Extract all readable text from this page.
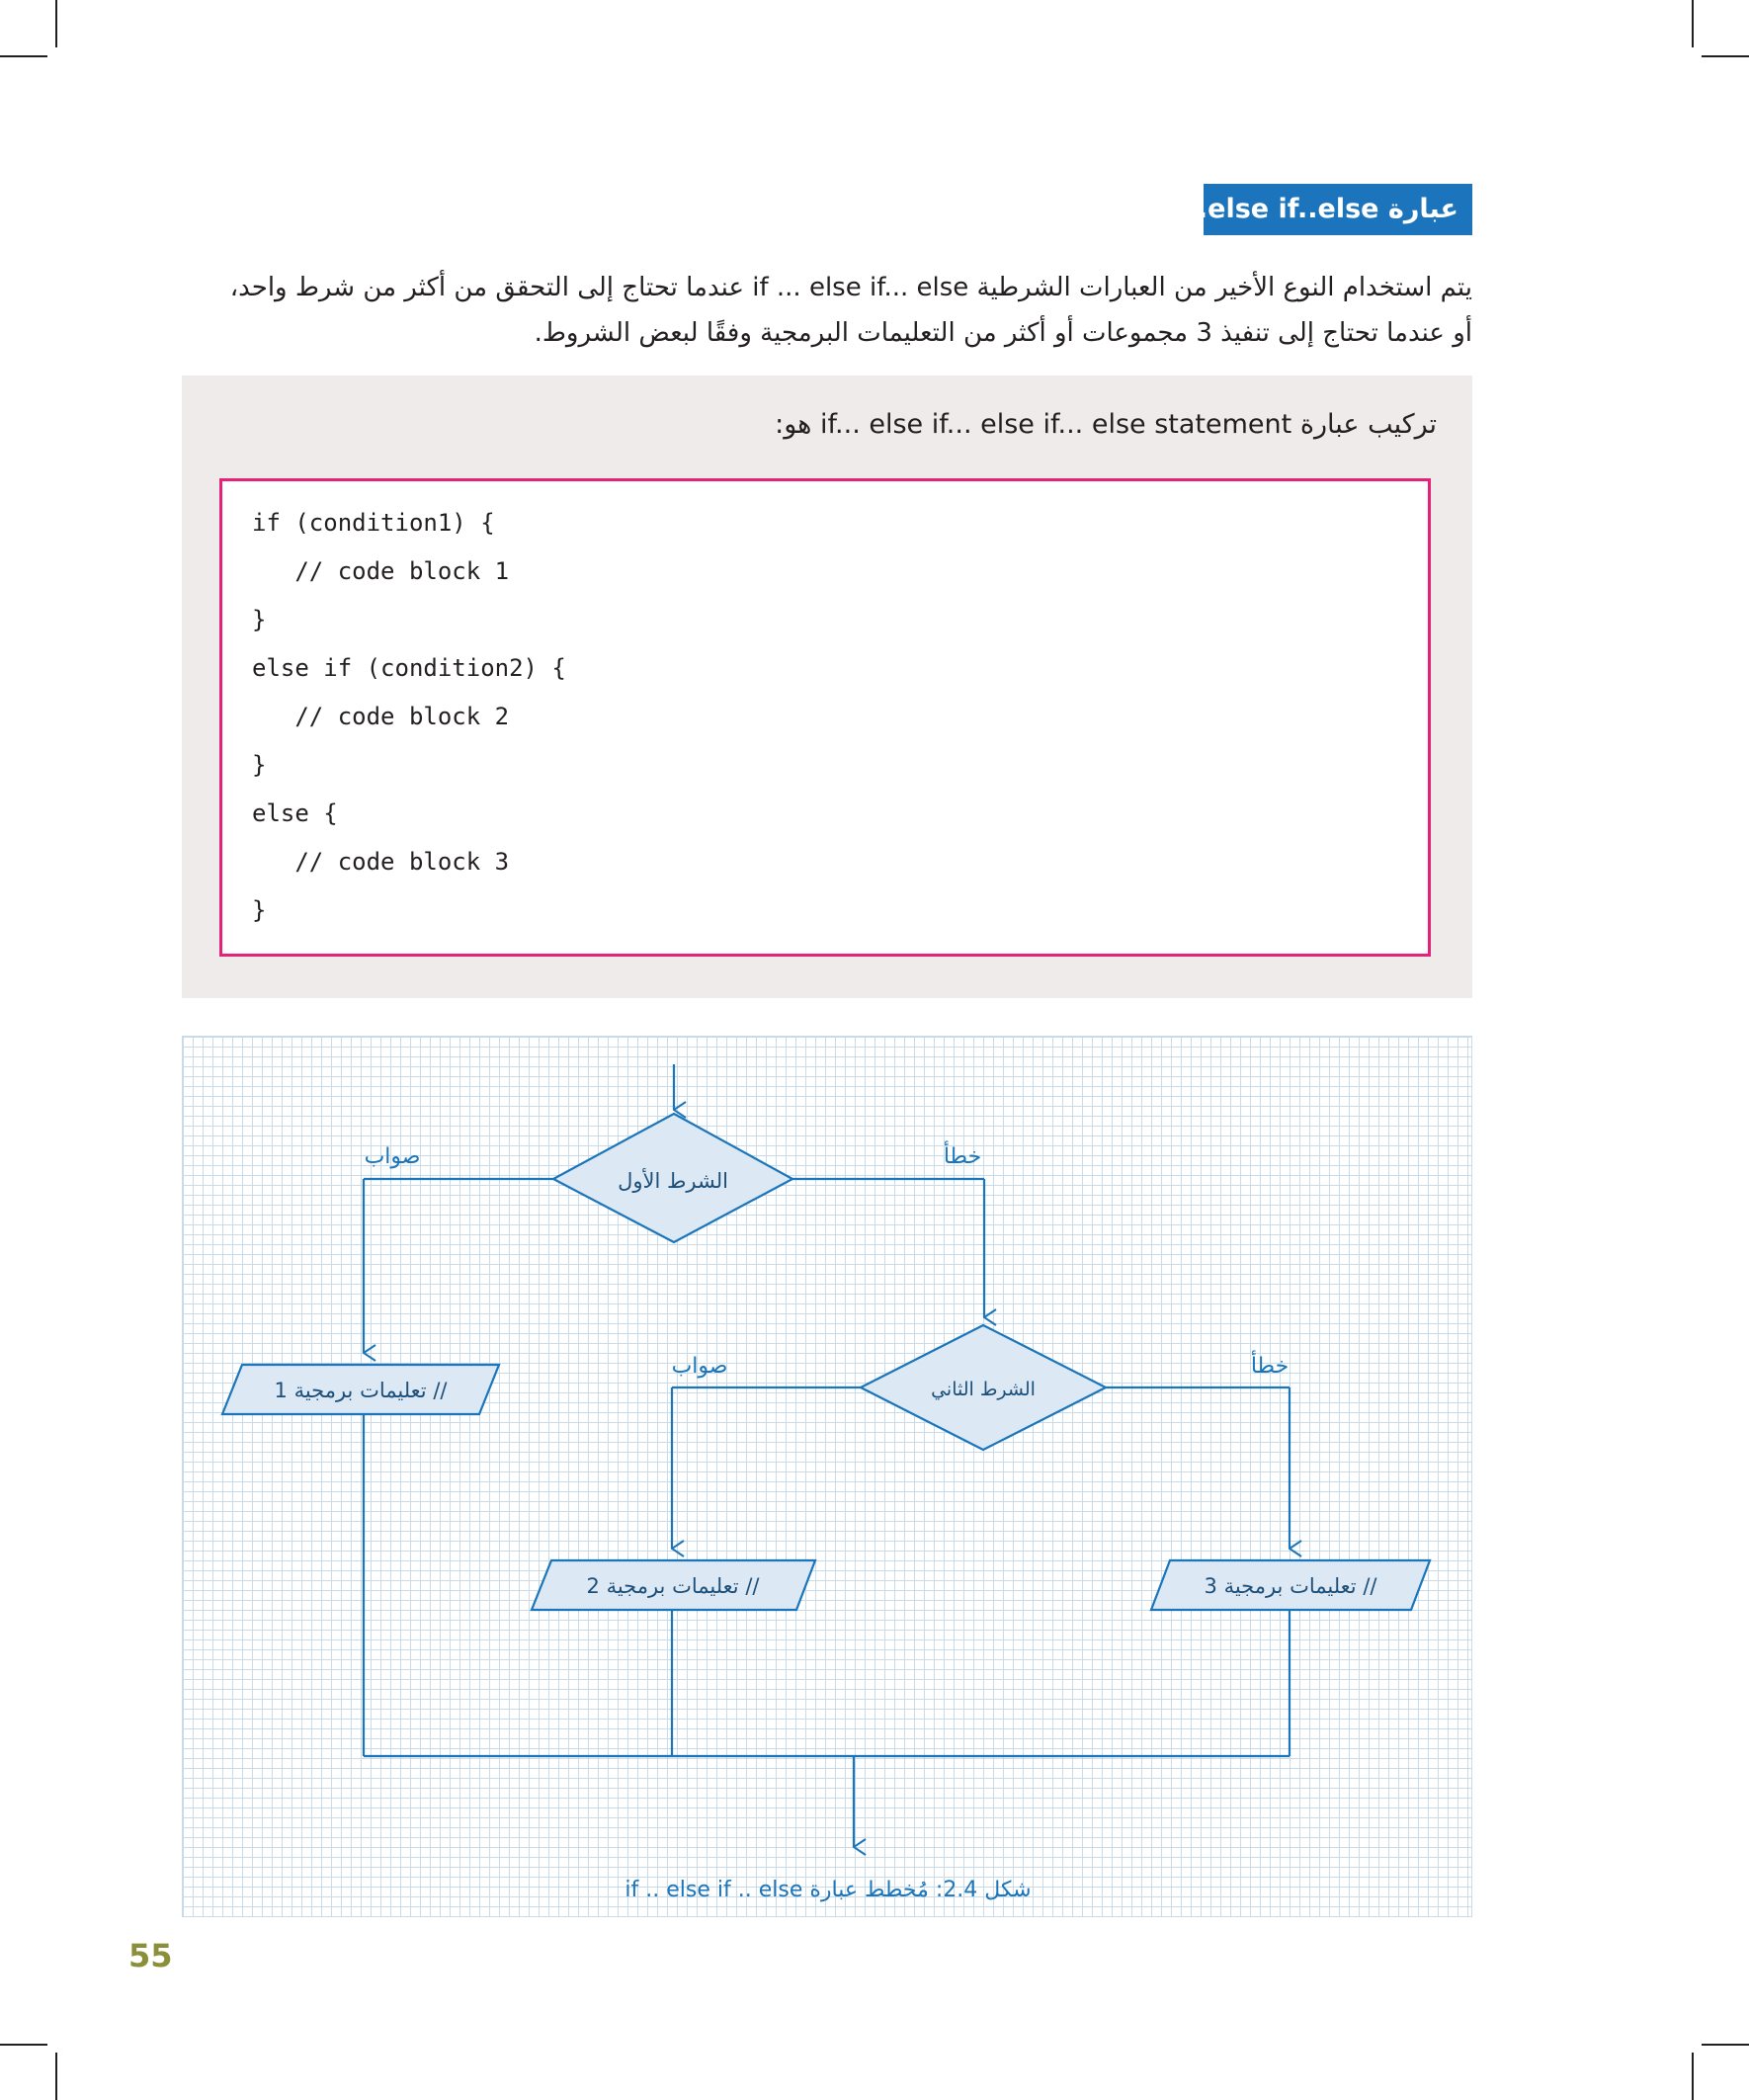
عبارة if..else if..else
يتم استخدام النوع الأخير من العبارات الشرطية if ... else if... else عندما تحتاج إلى التحقق من أكثر من شرط واحد،
أو عندما تحتاج إلى تنفيذ 3 مجموعات أو أكثر من التعليمات البرمجية وفقًا لبعض الشروط.
تركيب عبارة if... else if... else if... else statement هو:
if (condition1) {
// code block 1
}
else if (condition2) {
// code block 2
}
else {
// code block 3
}
الشرط الأول
الشرط الثاني
صواب	خطأ
صواب	خطأ
// تعليمات برمجية 1
// تعليمات برمجية 2	// تعليمات برمجية 3
شكل 2.4: مُخطط عبارة if .. else if .. else
55
